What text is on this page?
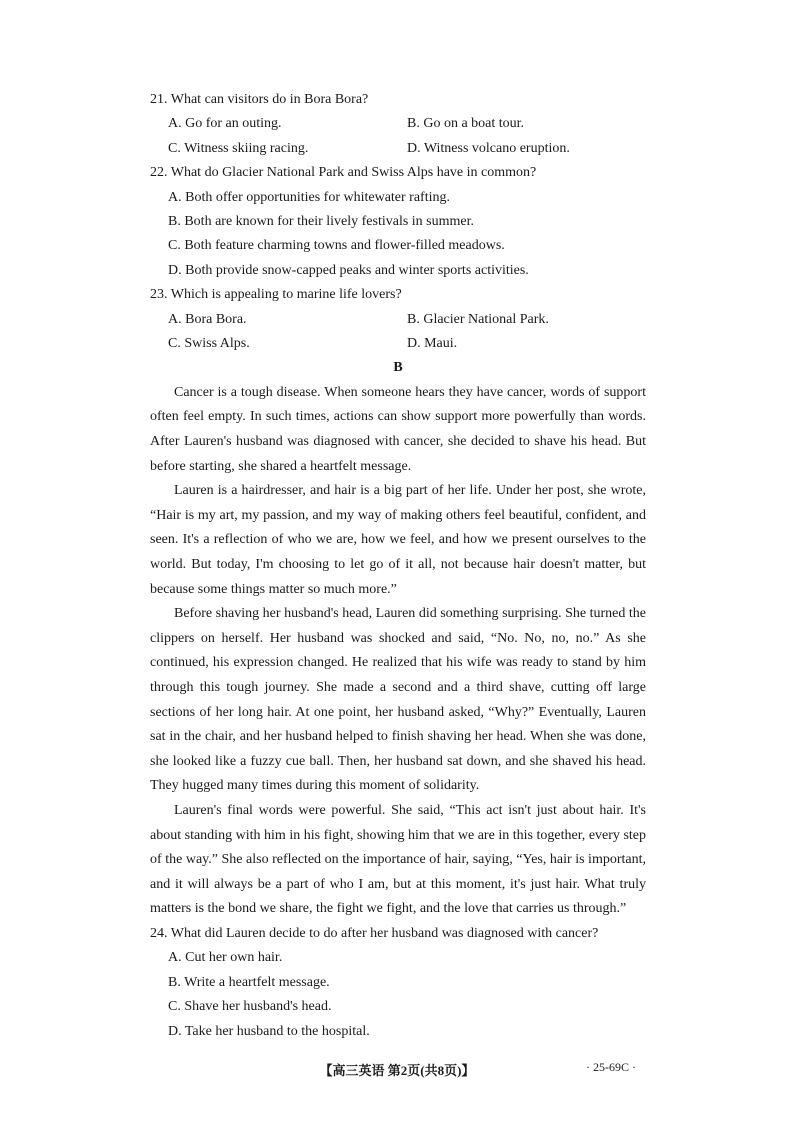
21. What can visitors do in Bora Bora?

A. Go for an outing.	B. Go on a boat tour.
C. Witness skiing racing.	D. Witness volcano eruption.

22. What do Glacier National Park and Swiss Alps have in common?

A. Both offer opportunities for whitewater rafting.
B. Both are known for their lively festivals in summer.
C. Both feature charming towns and flower-filled meadows.
D. Both provide snow-capped peaks and winter sports activities.

23. Which is appealing to marine life lovers?

A. Bora Bora.	B. Glacier National Park.
C. Swiss Alps.	D. Maui.
B

Cancer is a tough disease. When someone hears they have cancer, words of support often feel empty. In such times, actions can show support more powerfully than words. After Lauren's husband was diagnosed with cancer, she decided to shave his head. But before starting, she shared a heartfelt message.

Lauren is a hairdresser, and hair is a big part of her life. Under her post, she wrote, “Hair is my art, my passion, and my way of making others feel beautiful, confident, and seen. It's a reflection of who we are, how we feel, and how we present ourselves to the world. But today, I'm choosing to let go of it all, not because hair doesn't matter, but because some things matter so much more.”

Before shaving her husband's head, Lauren did something surprising. She turned the clippers on herself. Her husband was shocked and said, “No. No, no, no.” As she continued, his expression changed. He realized that his wife was ready to stand by him through this tough journey. She made a second and a third shave, cutting off large sections of her long hair. At one point, her husband asked, “Why?” Eventually, Lauren sat in the chair, and her husband helped to finish shaving her head. When she was done, she looked like a fuzzy cue ball. Then, her husband sat down, and she shaved his head. They hugged many times during this moment of solidarity.

Lauren's final words were powerful. She said, “This act isn't just about hair. It's about standing with him in his fight, showing him that we are in this together, every step of the way.” She also reflected on the importance of hair, saying, “Yes, hair is important, and it will always be a part of who I am, but at this moment, it's just hair. What truly matters is the bond we share, the fight we fight, and the love that carries us through.”

24. What did Lauren decide to do after her husband was diagnosed with cancer?

A. Cut her own hair.
B. Write a heartfelt message.
C. Shave her husband's head.
D. Take her husband to the hospital.
【高三英语 第2页(共8页)】	· 25-69C ·
